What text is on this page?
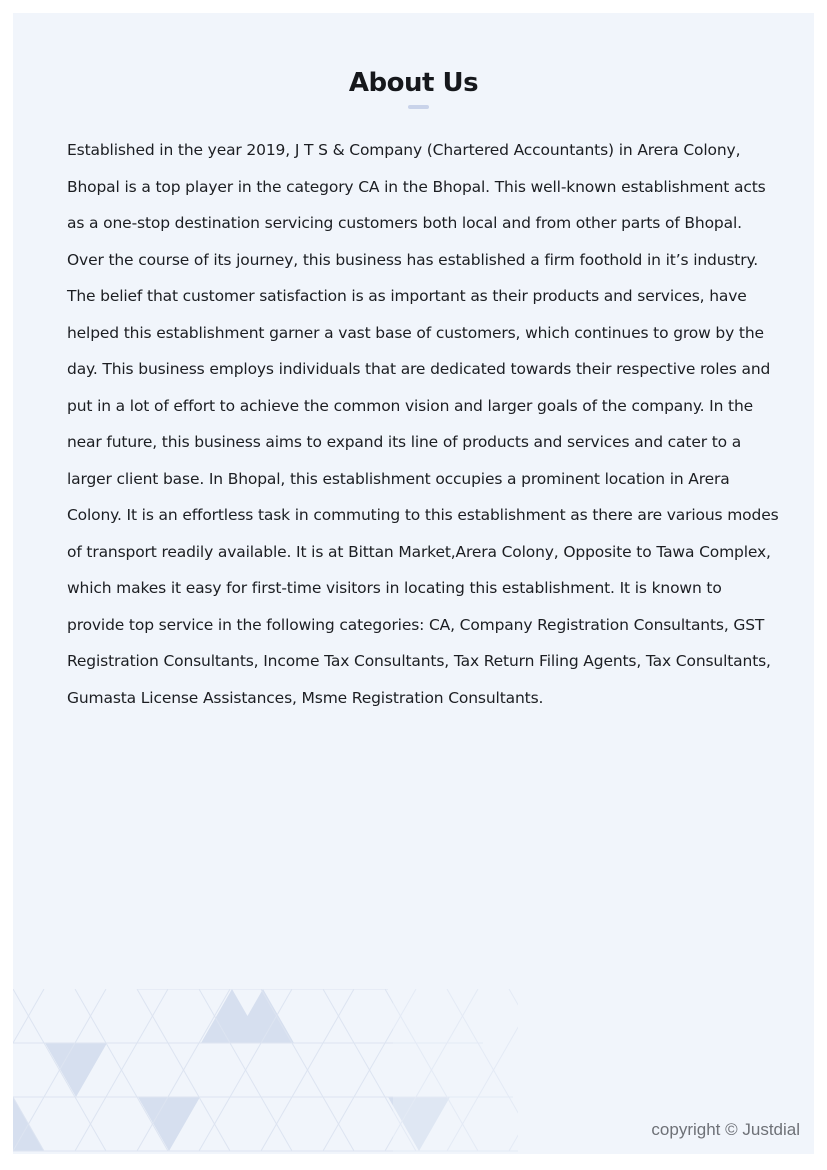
About Us

Established in the year 2019, J T S & Company (Chartered Accountants) in Arera Colony, Bhopal is a top player in the category CA in the Bhopal. This well-known establishment acts as a one-stop destination servicing customers both local and from other parts of Bhopal. Over the course of its journey, this business has established a firm foothold in it’s industry. The belief that customer satisfaction is as important as their products and services, have helped this establishment garner a vast base of customers, which continues to grow by the day. This business employs individuals that are dedicated towards their respective roles and put in a lot of effort to achieve the common vision and larger goals of the company. In the near future, this business aims to expand its line of products and services and cater to a larger client base. In Bhopal, this establishment occupies a prominent location in Arera Colony. It is an effortless task in commuting to this establishment as there are various modes of transport readily available. It is at Bittan Market,Arera Colony, Opposite to Tawa Complex, which makes it easy for first-time visitors in locating this establishment. It is known to provide top service in the following categories: CA, Company Registration Consultants, GST Registration Consultants, Income Tax Consultants, Tax Return Filing Agents, Tax Consultants, Gumasta License Assistances, Msme Registration Consultants.

copyright © Justdial
